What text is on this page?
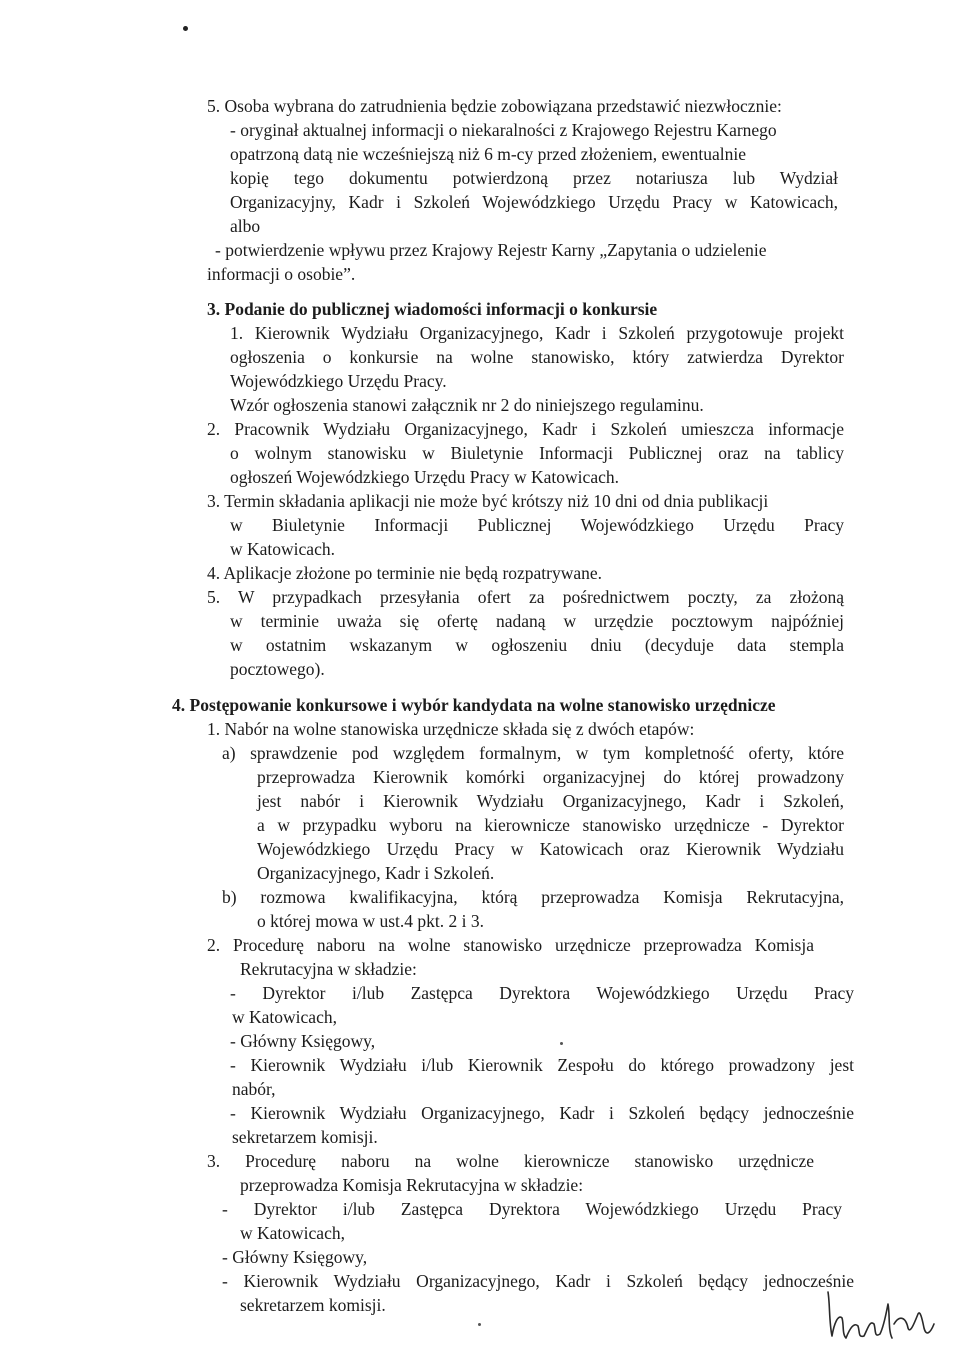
5. Osoba wybrana do zatrudnienia będzie zobowiązana przedstawić niezwłocznie:
- oryginał aktualnej informacji o niekaralności z Krajowego Rejestru Karnego
opatrzoną datą nie wcześniejszą niż 6 m-cy przed złożeniem, ewentualnie
kopię tego dokumentu potwierdzoną przez notariusza lub Wydział
Organizacyjny, Kadr i Szkoleń Wojewódzkiego Urzędu Pracy w Katowicach,
albo
- potwierdzenie wpływu przez Krajowy Rejestr Karny „Zapytania o udzielenie
informacji o osobie”.
3. Podanie do publicznej wiadomości informacji o konkursie
1. Kierownik Wydziału Organizacyjnego, Kadr i Szkoleń przygotowuje projekt
ogłoszenia o konkursie na wolne stanowisko, który zatwierdza Dyrektor
Wojewódzkiego Urzędu Pracy.
Wzór ogłoszenia stanowi załącznik nr 2 do niniejszego regulaminu.
2. Pracownik Wydziału Organizacyjnego, Kadr i Szkoleń umieszcza informacje
o wolnym stanowisku w Biuletynie Informacji Publicznej oraz na tablicy
ogłoszeń Wojewódzkiego Urzędu Pracy w Katowicach.
3. Termin składania aplikacji nie może być krótszy niż 10 dni od dnia publikacji
w Biuletynie Informacji Publicznej Wojewódzkiego Urzędu Pracy
w Katowicach.
4. Aplikacje złożone po terminie nie będą rozpatrywane.
5. W przypadkach przesyłania ofert za pośrednictwem poczty, za złożoną
w terminie uważa się ofertę nadaną w urzędzie pocztowym najpóźniej
w ostatnim wskazanym w ogłoszeniu dniu (decyduje data stempla
pocztowego).
4. Postępowanie konkursowe i wybór kandydata na wolne stanowisko urzędnicze
1. Nabór na wolne stanowiska urzędnicze składa się z dwóch etapów:
a) sprawdzenie pod względem formalnym, w tym kompletność oferty, które
przeprowadza Kierownik komórki organizacyjnej do której prowadzony
jest nabór i Kierownik Wydziału Organizacyjnego, Kadr i Szkoleń,
a w przypadku wyboru na kierownicze stanowisko urzędnicze - Dyrektor
Wojewódzkiego Urzędu Pracy w Katowicach oraz Kierownik Wydziału
Organizacyjnego, Kadr i Szkoleń.
b) rozmowa kwalifikacyjna, którą przeprowadza Komisja Rekrutacyjna,
o której mowa w ust.4 pkt. 2 i 3.
2. Procedurę naboru na wolne stanowisko urzędnicze przeprowadza Komisja
Rekrutacyjna w składzie:
- Dyrektor i/lub Zastępca Dyrektora Wojewódzkiego Urzędu Pracy
w Katowicach,
- Główny Księgowy,
- Kierownik Wydziału i/lub Kierownik Zespołu do którego prowadzony jest
nabór,
- Kierownik Wydziału Organizacyjnego, Kadr i Szkoleń będący jednocześnie
sekretarzem komisji.
3. Procedurę naboru na wolne kierownicze stanowisko urzędnicze
przeprowadza Komisja Rekrutacyjna w składzie:
- Dyrektor i/lub Zastępca Dyrektora Wojewódzkiego Urzędu Pracy
w Katowicach,
- Główny Księgowy,
- Kierownik Wydziału Organizacyjnego, Kadr i Szkoleń będący jednocześnie
sekretarzem komisji.
